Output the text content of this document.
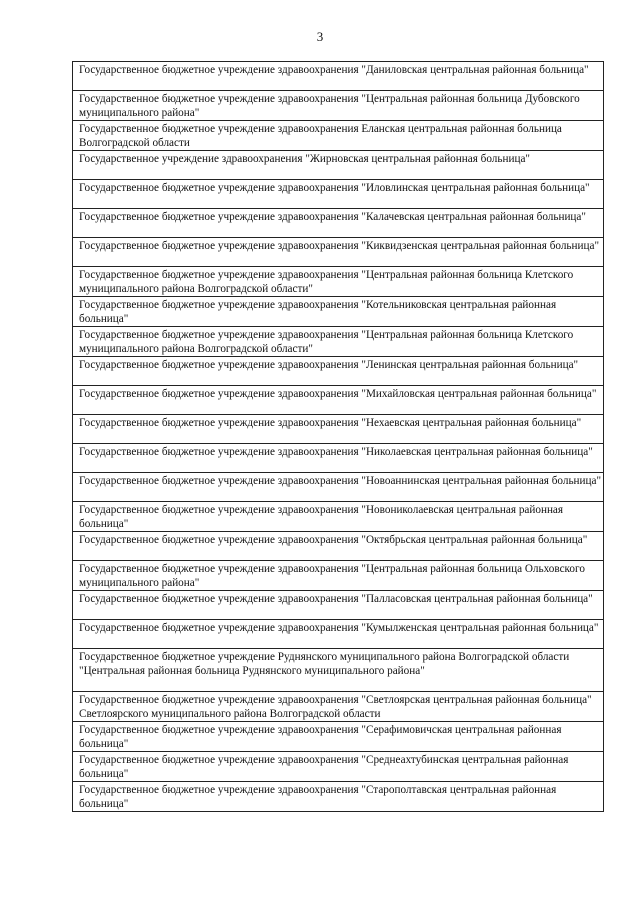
3
Государственное бюджетное учреждение здравоохранения "Даниловская центральная районная больница"
Государственное бюджетное учреждение здравоохранения "Центральная районная больница Дубовского муниципального района"
Государственное бюджетное учреждение здравоохранения Еланская центральная районная больница Волгоградской области
Государственное учреждение здравоохранения "Жирновская центральная районная больница"
Государственное бюджетное учреждение здравоохранения "Иловлинская центральная районная больница"
Государственное бюджетное учреждение здравоохранения "Калачевская центральная районная больница"
Государственное бюджетное учреждение здравоохранения "Киквидзенская центральная районная больница"
Государственное бюджетное учреждение здравоохранения "Центральная районная больница Клетского муниципального района Волгоградской области"
Государственное бюджетное учреждение здравоохранения "Котельниковская центральная районная больница"
Государственное бюджетное учреждение здравоохранения "Центральная районная больница Клетского муниципального района Волгоградской области"
Государственное бюджетное учреждение здравоохранения "Ленинская центральная районная больница"
Государственное бюджетное учреждение здравоохранения "Михайловская центральная районная больница"
Государственное бюджетное учреждение здравоохранения "Нехаевская центральная районная больница"
Государственное бюджетное учреждение здравоохранения "Николаевская центральная районная больница"
Государственное бюджетное учреждение здравоохранения "Новоаннинская центральная районная больница"
Государственное бюджетное учреждение здравоохранения "Новониколаевская центральная районная больница"
Государственное бюджетное учреждение здравоохранения "Октябрьская центральная районная больница"
Государственное бюджетное учреждение здравоохранения "Центральная районная больница Ольховского муниципального района"
Государственное бюджетное учреждение здравоохранения "Палласовская центральная районная больница"
Государственное бюджетное учреждение здравоохранения "Кумылженская центральная районная больница"
Государственное бюджетное учреждение Руднянского муниципального района Волгоградской области "Центральная районная больница Руднянского муниципального района"
Государственное бюджетное учреждение здравоохранения "Светлоярская центральная районная больница" Светлоярского муниципального района Волгоградской области
Государственное бюджетное учреждение здравоохранения "Серафимовичская центральная районная больница"
Государственное бюджетное учреждение здравоохранения "Среднеахтубинская центральная районная больница"
Государственное бюджетное учреждение здравоохранения "Старополтавская центральная районная больница"
